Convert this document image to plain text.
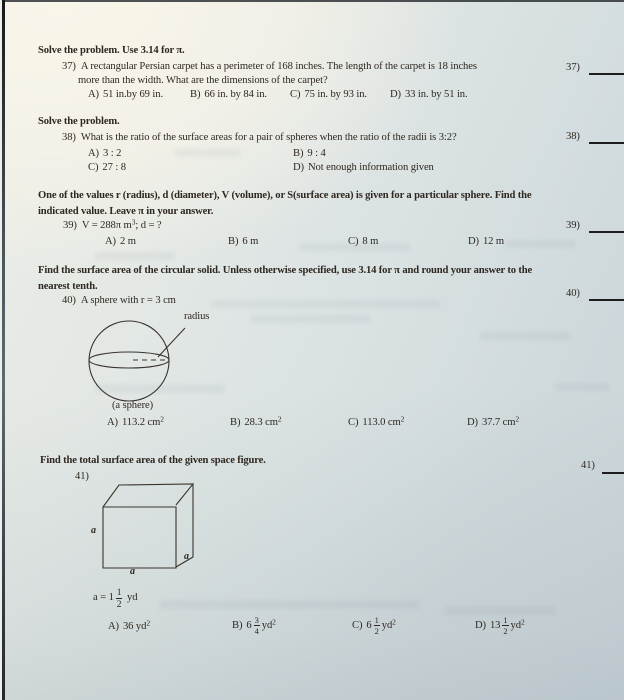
Solve the problem. Use 3.14 for π.
37) A rectangular Persian carpet has a perimeter of 168 inches. The length of the carpet is 18 inches
more than the width. What are the dimensions of the carpet?
A) 51 in.by 69 in.	B) 66 in. by 84 in. C) 75 in. by 93 in. D) 33 in. by 51 in.
37)
Solve the problem.
38) What is the ratio of the surface areas for a pair of spheres when the ratio of the radii is 3:2?
A) 3 : 2	B) 9 : 4
C) 27 : 8	D) Not enough information given
38)
One of the values r (radius), d (diameter), V (volume), or S(surface area) is given for a particular sphere. Find the
indicated value. Leave π in your answer.
39) V = 288π $m^3$; d = ?
A) 2 m	B) 6 m	C) 8 m	D) 12 m
39)
Find the surface area of the circular solid. Unless otherwise specified, use 3.14 for π and round your answer to the
nearest tenth.
40) A sphere with r = 3 cm
radius
(a sphere)
A) 113.2 $cm^2$	B) 28.3 $cm^2$	C) 113.0 $cm^2$	D) 37.7 $cm^2$
40)
Find the total surface area of the given space figure.
41)
a
a
a
$a = 1 \frac{1}{2}$ yd
A) 36 $yd^2$	B) $6 \frac{3}{4} yd^2$	C) $6 \frac{1}{2} yd^2$	D) $13 \frac{1}{2} yd^2$
41)
